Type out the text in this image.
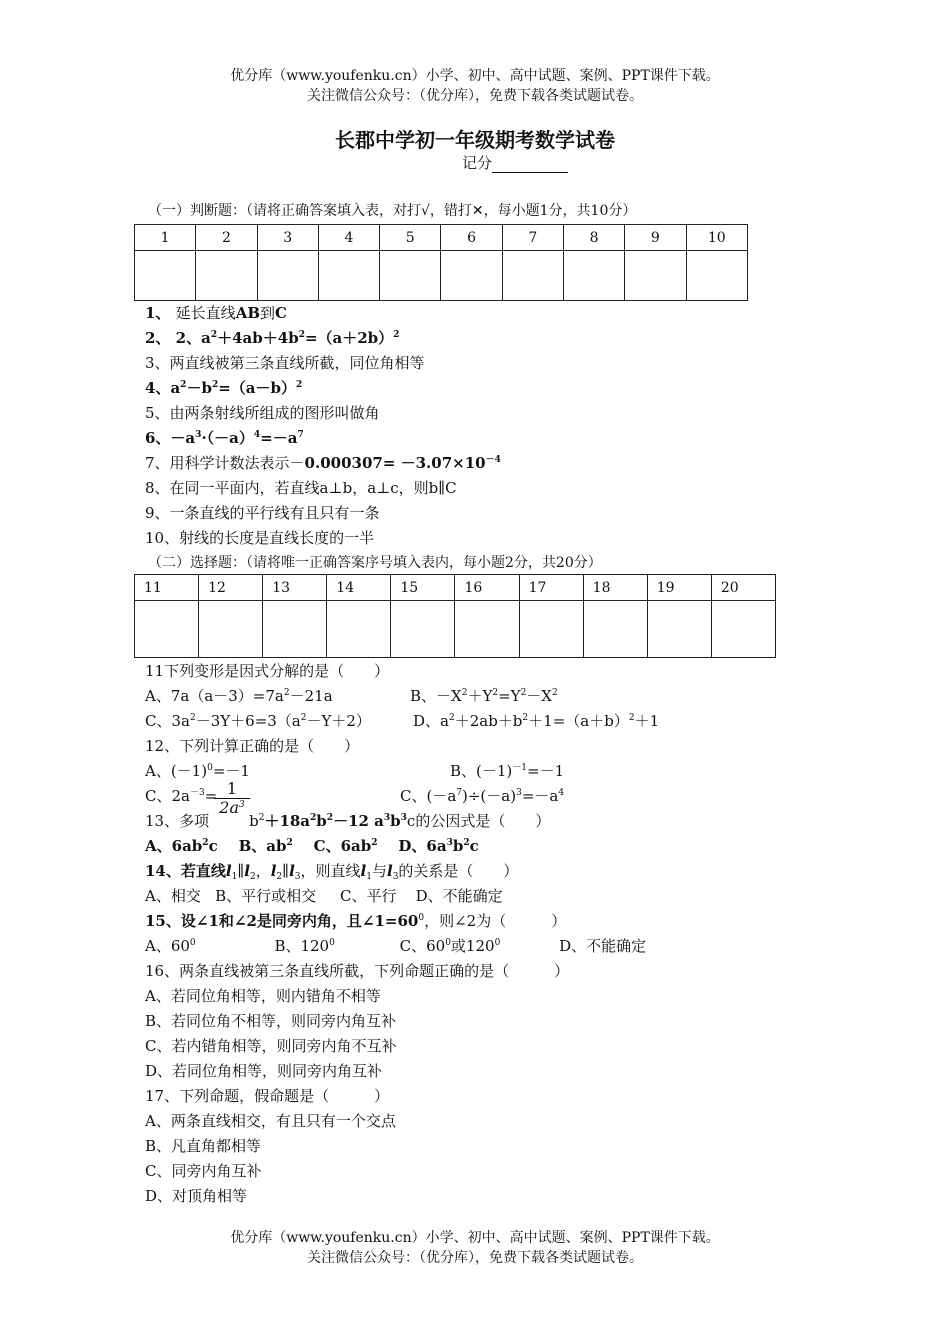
优分库（www.youfenku.cn）小学、初中、高中试题、案例、PPT课件下载。
关注微信公众号：（优分库），免费下载各类试题试卷。
长郡中学初一年级期考数学试卷
记分
（一）判断题：（请将正确答案填入表，对打√，错打✕，每小题1分，共10分）
1	2	3	4	5	6	7	8	9	10

1、 延长直线AB到C
2、 2、$a^2+4ab+4b^2=(a+2b)^2$
3、两直线被第三条直线所截，同位角相等
4、$a^2-b^2=(a-b)^2$
5、由两条射线所组成的图形叫做角
6、$-a^3\cdot(-a)^4=-a^7$
7、用科学计数法表示$-0.000307= -3.07\times 10^{-4}$
8、在同一平面内，若直线a⊥b，a⊥c，则b∥C
9、一条直线的平行线有且只有一条
10、射线的长度是直线长度的一半
（二）选择题：（请将唯一正确答案序号填入表内，每小题2分，共20分）
11	12	13	14	15	16	17	18	19	20

11下列变形是因式分解的是（　　）
A、$7a(a-3)=7a^2-21a$	B、$-X^2+Y^2=Y^2-X^2$
C、$3a^2-3Y+6=3(a^2-Y+2)$	D、$a^2+2ab+b^2+1=(a+b)^2+1$
12、下列计算正确的是（　　）
A、$(-1)^0=-1$	B、$(-1)^{-1}=-1$
C、$2a^{-3}=$
$\frac{1}{2a^3}$	C、$(-a^7)\div(-a)^3=-a^4$
13、多项	$b^2+18a^2b^2-12$ $a^3b^3c$的公因式是（　　）
A、$6ab^2c$ B、$ab^2$ C、$6ab^2$ D、$6a^3b^2c$
14、若直线$l_1\parallel l_2$，$l_2\parallel l_3$，则直线$l_1$与$l_3$的关系是（　　）
A、相交 B、平行或相交 C、平行 D、不能确定
15、设∠1和∠2是同旁内角，且$\angle 1=60^0$，则∠2为（　　　）
A、$60^0$	B、$120^0$	C、$60^0$或$120^0$	D、不能确定
16、两条直线被第三条直线所截，下列命题正确的是（　　　）
A、若同位角相等，则内错角不相等
B、若同位角不相等，则同旁内角互补
C、若内错角相等，则同旁内角不互补
D、若同位角相等，则同旁内角互补
17、下列命题，假命题是（　　　）
A、两条直线相交，有且只有一个交点
B、凡直角都相等
C、同旁内角互补
D、对顶角相等
优分库（www.youfenku.cn）小学、初中、高中试题、案例、PPT课件下载。
关注微信公众号：（优分库），免费下载各类试题试卷。
